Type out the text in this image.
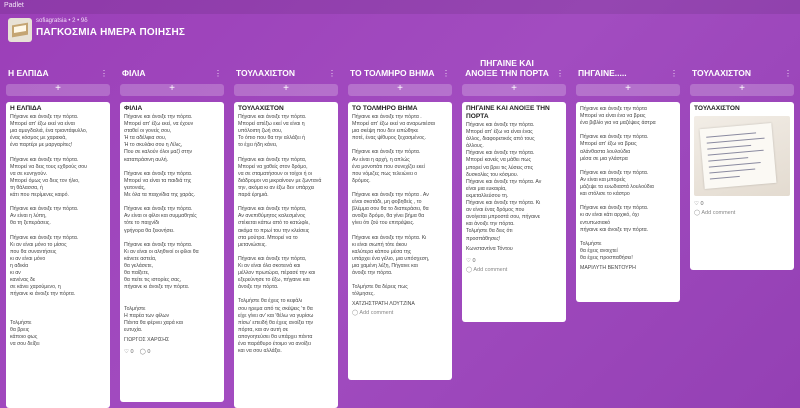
Padlet
sofiagratsia • 2 • 9δ
ΠΑΓΚΟΣΜΙΑ ΗΜΕΡΑ ΠΟΙΗΣΗΣ
Η ΕΛΠΙΔΑ	⋮
+
Η ΕΛΠΙΔΑ
Πήγαινε και άνοιξε την πόρτα.
Μπορεί απ' έξω εκεί να είναι
μια αμυγδαλιά, ένα τριαντάφυλλο,
ένας κόσμος με χαρακιά,
ένα παρτέρι με μαργαρίτες!

Πήγαινε και άνοιξε την πόρτα.
Μπορεί να δεις τους εχθρούς σου
να σε κυνηγούν.
Μπορεί όμως να δεις τον ήλιο,
τη θάλασσα, ή
κάτι που περίμενες καιρό.

Πήγαινε και άνοιξε την πόρτα.
Αν είναι η λύπη,
θα τη ξεπεράσεις.

Πήγαινε και άνοιξε την πόρτα.
Κι αν είναι μόνο το μίσος
που θα συναντήσεις
κι αν είναι μόνο
η αδικία
κι αν
κανένας δε
σε κάνει χαρούμενο, η
πήγαινε κι άνοιξε την πόρτα.

Τολμήστε
θα βρεις
κάποιο φως
να σου δείξει
ΦΙΛΙΑ	⋮
+
ΦΙΛΙΑ
Πήγαινε και άνοιξε την πόρτα.
Μπορεί απ' έξω εκεί, να έχουν
σταθεί οι γονείς σου,
Ή τα αδέλφια σου,
Ή το σκυλάκι σου η Λίλις,
Που σε καλούν όλοι μαζί στην
καταπράσινη αυλή.

Πήγαινε και άνοιξε την πόρτα.
Μπορεί να είναι τα παιδιά της
γειτονιάς,
Με όλα τα παιχνίδια της χαράς.

Πήγαινε και άνοιξε την πόρτα.
Αν είναι οι φίλοι και συμμαθητές
τότε το παιχνίδι
γρήγορα θα ξεκινήσει.

Πήγαινε και άνοιξε την πόρτα.
Κι αν είναι οι αληθινοί οι φίλοι θα
κάνετε αστεία,
θα γελάσετε,
θα παίξετε,
θα πείτε τις ιστορίες σας,
πήγαινε κι άνοιξε την πόρτα.

Τολμήστε
Η παρέα των φίλων
Πάντα θα φέρνει χαρά και
ευτυχία.
ΓΙΩΡΓΟΣ ΧΑΡΙΣΗΣ
♡ 0 ◯ 0
ΤΟΥΛΑΧΙΣΤΟΝ	⋮
+
ΤΟΥΛΑΧΙΣΤΟΝ
Πήγαινε και άνοιξε την πόρτα.
Μπορεί απέξω εκεί να είναι η
υπόλοιπη ζωή σου,
Το όπιο που θα την αλλάξει ή
το έχει ήδη κάνει,

Πήγαινε και άνοιξε την πόρτα,
Μπορεί να χαθείς στον δρόμο,
να σε σταματήσουν οι τοίχοι ή οι
διάδρομοι να μικραίνουν με ζωντανά
την, ακόμα κι αν έξω δεν υπάρχει
παρά έρημιά.

Πήγαινε και άνοιξε την πόρτα,
Αν ανεπιθύμητος καλεσμένος
στέκεται κάπω από το κατώφλι,
ακόμα το πρωί του την κλείσεις
στα μούτρα. Μπορεί να το
μετανιώσεις.

Πήγαινε και άνοιξε την πόρτα,
Κι αν είναι όλα σκοτεινά και
μέλλον πρωτώρα, πέρασέ την και
εξερεύνησε το έξω, πήγαινε και
άνοιξε την πόρτα.

Τολμήστε θα έχεις το κεφάλι
σου ηρεμα από τις σκέψεις 'τι θα
είχε γίνει αν' και 'θέλω να γυρίσω
πίσω' επειδή θα έχεις ανοίξει την
πόρτα, και αν αυτή σε
απογοητεύσει θα υπάρχει πάντα
ένα παράθυρο έτοιμο να ανοίξει
και να σου αλλάξει.
ΤΟ ΤΟΛΜΗΡΟ ΒΗΜΑ ⋮
+
ΤΟ ΤΟΛΜΗΡΟ ΒΗΜΑ
Πήγαινε και άνοιξε την πόρτα .
Μπορεί απ' έξω εκεί να αναρωτιέσαι
μια σκέψη που δεν ειπώθηκε
ποτέ, ένας ψίθυρος ξεχασμένος.

Πήγαινε και άνοιξε την πόρτα.
Αν είναι η αρχή, η απλώς
ένα μονοπάτι που συνεχίζει εκεί
που νόμιζες πως τελειώνει ο
δρόμος.

Πήγαινε και άνοιξε την πόρτα . Αν
είναι σκοτάδι, μη φοβηθείς , το
βλέμμα σου θα το διαπεράσει, θα
ανοίξει δρόμο, θα γίνει βήμα θα
γίνει ότι ζού του επιτρέψεις.

Πήγαινε και άνοιξε την πόρτα. Κι
κι είναι σιωπή τότε άκου
καλύτερα κάπου μέσα της
υπάρχει ένα γέλιο, μια υπόσχεση,
μια χαμένη λέξη, Πήγαινε και
άνοιξε την πόρτα.

Τολμήστε θα δέρεις πως
τόλμησες.
ΧΑΤΖΗΣΤΡΑΤΗ ΛΟΥΤΖΙΝΑ
◯ Add comment
ΠΗΓΑΙΝΕ ΚΑΙ ΑΝΟΙΞΕ ΤΗΝ ΠΟΡΤΑ ⋮
+
ΠΗΓΑΙΝΕ ΚΑΙ ΑΝΟΙΞΕ ΤΗΝ ΠΟΡΤΑ
Πήγαινε και άνοιξε την πόρτα.
Μπορεί απ' έξω να είναι ένας
άλλος, διαφορετικός από τους
άλλους.
Πήγαινε και άνοιξε την πόρτα.
Μπορεί κανείς να μάθει πως
μπορεί να βρει τις λύσεις στις
δυσκολίες του κόσμου.
Πήγαινε και άνοιξε την πόρτα. Αν
είναι μια ευκαιρία,
εκμεταλλεύσου τη.
Πήγαινε και άνοιξε την πόρτα. Κι
αν είναι ένας δρόμος που
ανοίγεται μπροστά σου, πήγαινε
και άνοιξε την πόρτα.
Τολμήστε θα δεις ότι
προσπάθησες!
Κωνσταντίνα Τόντου
♡ 0
◯ Add comment
ΠΗΓΑΙΝΕ.....	⋮
+
Πήγαινε και άνοιξε την πόρτα
Μπορεί να είναι ένα να βρεις
ένα βιβλίο για να μαζέψεις άστρα

Πήγαινε και άνοιξε την πόρτα.
Μπορεί απ' έξω να βρεις
αλάνθαστα λουλούδια
μέσα σε μια γλάστρα

Πήγαινε και άνοιξε την πόρτα.
Αν είναι και μπορείς
μάζεψε τα ευωδιαστά λουλούδια
και στόλισε το κάστρο

Πήγαινε και άνοιξε την πόρτα.
κι αν είναι κάτι αρχικό, όχι
εντυπωσιακό
πήγαινε και άνοιξε την πόρτα.

Τολμήστε
θα έχεις ανοιχτεί
θα έχεις προσπαθήσει!
ΜΑΡΙΛΥΤΗ ΒΕΝΤΟΥΡΗ
ΤΟΥΛΑΧΙΣΤΟΝ	⋮
+
ΤΟΥΛΑΧΙΣΤΟΝ
♡ 0
◯ Add comment
